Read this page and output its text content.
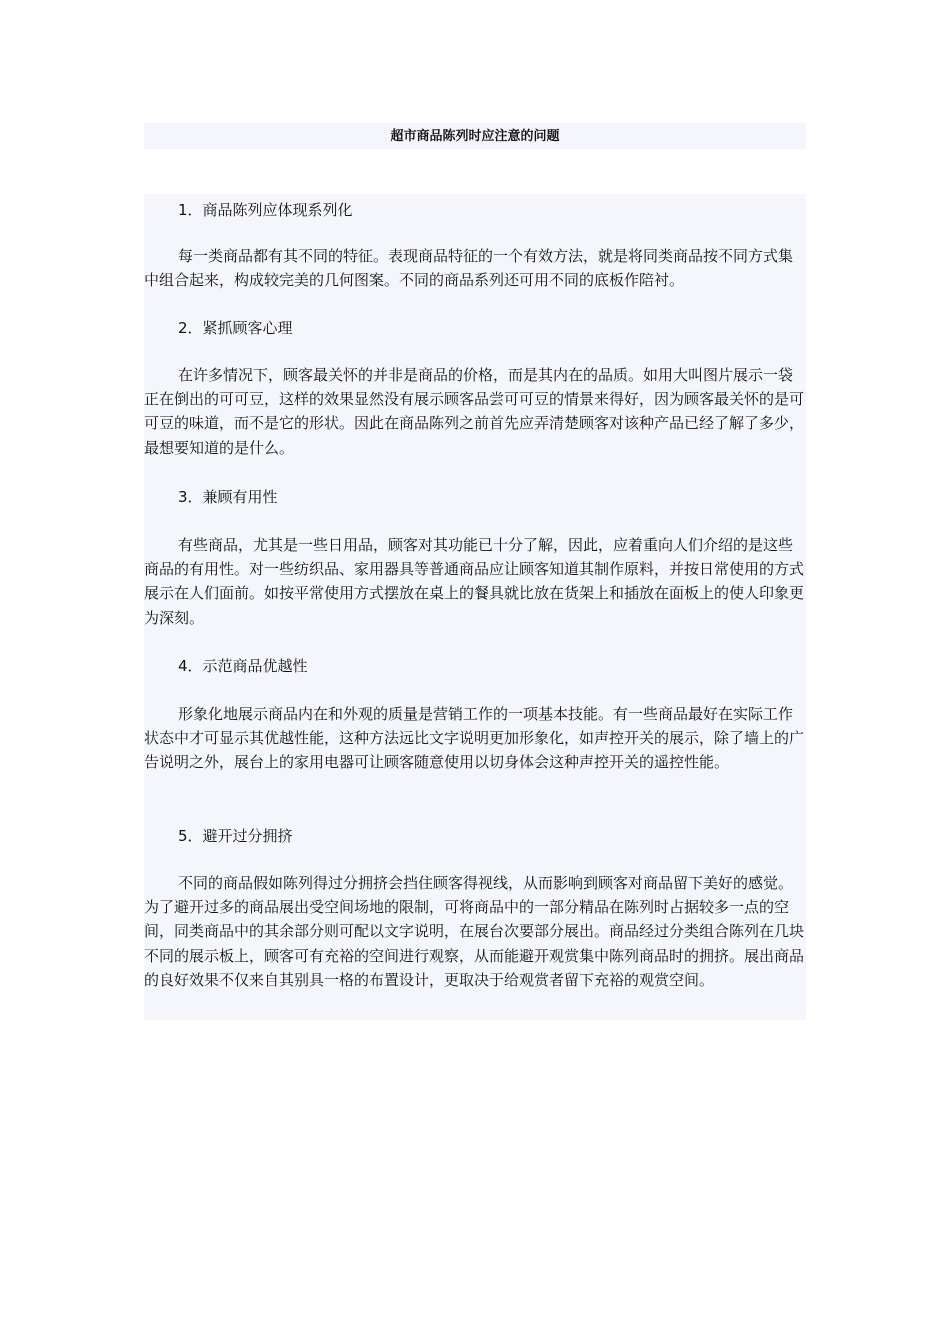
超市商品陈列时应注意的问题
1．商品陈列应体现系列化
每一类商品都有其不同的特征。表现商品特征的一个有效方法，就是将同类商品按不同方式集中组合起来，构成较完美的几何图案。不同的商品系列还可用不同的底板作陪衬。
2．紧抓顾客心理
在许多情况下，顾客最关怀的并非是商品的价格，而是其内在的品质。如用大叫图片展示一袋正在倒出的可可豆，这样的效果显然没有展示顾客品尝可可豆的情景来得好，因为顾客最关怀的是可可豆的味道，而不是它的形状。因此在商品陈列之前首先应弄清楚顾客对该种产品已经了解了多少，最想要知道的是什么。
3．兼顾有用性
有些商品，尤其是一些日用品，顾客对其功能已十分了解，因此，应着重向人们介绍的是这些商品的有用性。对一些纺织品、家用器具等普通商品应让顾客知道其制作原料，并按日常使用的方式展示在人们面前。如按平常使用方式摆放在桌上的餐具就比放在货架上和插放在面板上的使人印象更为深刻。
4．示范商品优越性
形象化地展示商品内在和外观的质量是营销工作的一项基本技能。有一些商品最好在实际工作状态中才可显示其优越性能，这种方法远比文字说明更加形象化，如声控开关的展示，除了墙上的广告说明之外，展台上的家用电器可让顾客随意使用以切身体会这种声控开关的遥控性能。
5．避开过分拥挤
不同的商品假如陈列得过分拥挤会挡住顾客得视线，从而影响到顾客对商品留下美好的感觉。为了避开过多的商品展出受空间场地的限制，可将商品中的一部分精品在陈列时占据较多一点的空间，同类商品中的其余部分则可配以文字说明，在展台次要部分展出。商品经过分类组合陈列在几块不同的展示板上，顾客可有充裕的空间进行观察，从而能避开观赏集中陈列商品时的拥挤。展出商品的良好效果不仅来自其别具一格的布置设计，更取决于给观赏者留下充裕的观赏空间。
